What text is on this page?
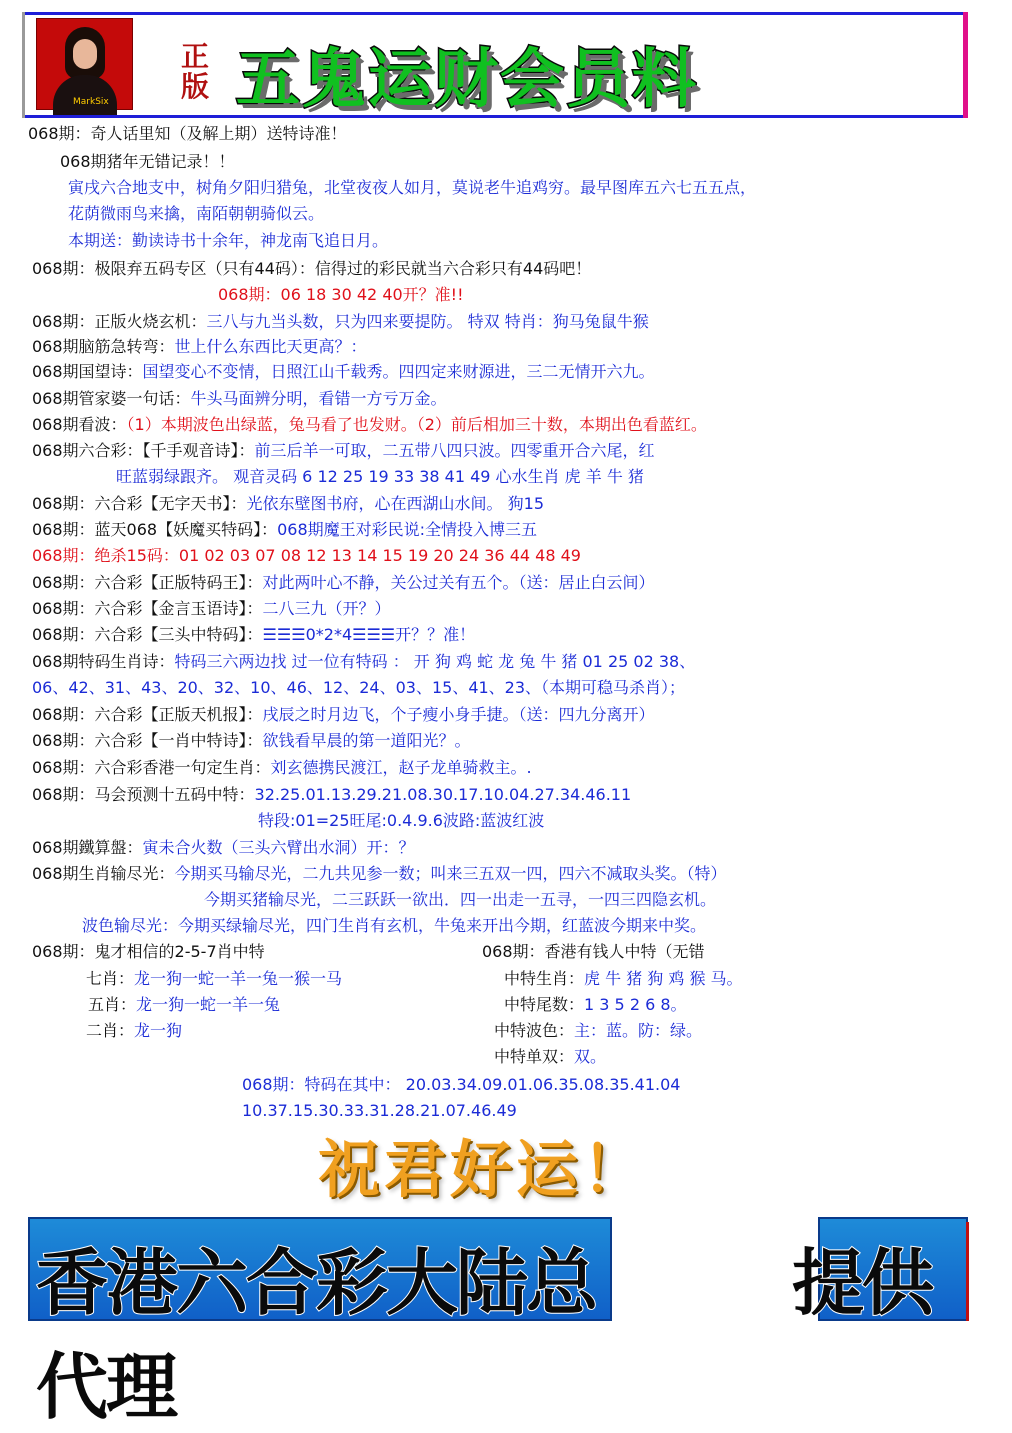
MarkSix
正版 五鬼运财会员料
068期：奇人话里知（及解上期）送特诗准！
068期猪年无错记录！！
寅戌六合地支中，树角夕阳归猎兔，北堂夜夜人如月，莫说老牛追鸡穷。最早图库五六七五五点，
花荫微雨鸟来擒，南陌朝朝骑似云。
本期送：勤读诗书十余年，神龙南飞追日月。
068期：极限弃五码专区（只有44码）：信得过的彩民就当六合彩只有44码吧！
068期：06 18 30 42 40开？准!!
068期：正版火烧玄机：三八与九当头数，只为四来要提防。 特双 特肖：狗马兔鼠牛猴
068期脑筋急转弯：世上什么东西比天更高？：
068期国望诗：国望变心不变情，日照江山千载秀。四四定来财源进，三二无情开六九。
068期管家婆一句话：牛头马面辨分明，看错一方亏万金。
068期看波：（1）本期波色出绿蓝，兔马看了也发财。（2）前后相加三十数，本期出色看蓝红。
068期六合彩：【千手观音诗】：前三后羊一可取，二五带八四只波。四零重开合六尾，红
旺蓝弱绿跟齐。 观音灵码 6 12 25 19 33 38 41 49 心水生肖 虎 羊 牛 猪
068期：六合彩【无字天书】：光依东壁图书府，心在西湖山水间。 狗15
068期：蓝天068【妖魔买特码】：068期魔王对彩民说:全情投入博三五
068期：绝杀15码：01 02 03 07 08 12 13 14 15 19 20 24 36 44 48 49
068期：六合彩【正版特码王】：对此两叶心不静，关公过关有五个。（送：居止白云间）
068期：六合彩【金言玉语诗】：二八三九（开？）
068期：六合彩【三头中特码】：☰☰☰0*2*4☰☰☰开？？准！
068期特码生肖诗：特码三六两边找 过一位有特码 ： 开 狗 鸡 蛇 龙 兔 牛 猪 01 25 02 38、
06、42、31、43、20、32、10、46、12、24、03、15、41、23、（本期可稳马杀肖）；
068期：六合彩【正版天机报】：戌辰之时月边飞，个子瘦小身手捷。（送：四九分离开）
068期：六合彩【一肖中特诗】：欲钱看早晨的第一道阳光？。
068期：六合彩香港一句定生肖：刘玄德携民渡江，赵子龙单骑救主。.
068期：马会预测十五码中特：32.25.01.13.29.21.08.30.17.10.04.27.34.46.11
特段:01=25旺尾:0.4.9.6波路:蓝波红波
068期鐵算盤：寅未合火数（三头六臂出水洞）开：？
068期生肖输尽光：今期买马输尽光，二九共见参一数；叫来三五双一四，四六不减取头奖。（特）
今期买猪输尽光，二三跃跃一欲出．四一出走一五寻，一四三四隐玄机。
波色输尽光：今期买绿输尽光，四门生肖有玄机，牛兔来开出今期，红蓝波今期来中奖。
068期：鬼才相信的2-5-7肖中特
七肖：龙一狗一蛇一羊一兔一猴一马
五肖：龙一狗一蛇一羊一兔
二肖：龙一狗
068期：香港有钱人中特（无错
中特生肖：虎 牛 猪 狗 鸡 猴 马。
中特尾数：1 3 5 2 6 8。
中特波色：主：蓝。防：绿。
中特单双：双。
068期：特码在其中： 20.03.34.09.01.06.35.08.35.41.04
10.37.15.30.33.31.28.21.07.46.49
祝君好运！
香港六合彩大陆总代理
提供
